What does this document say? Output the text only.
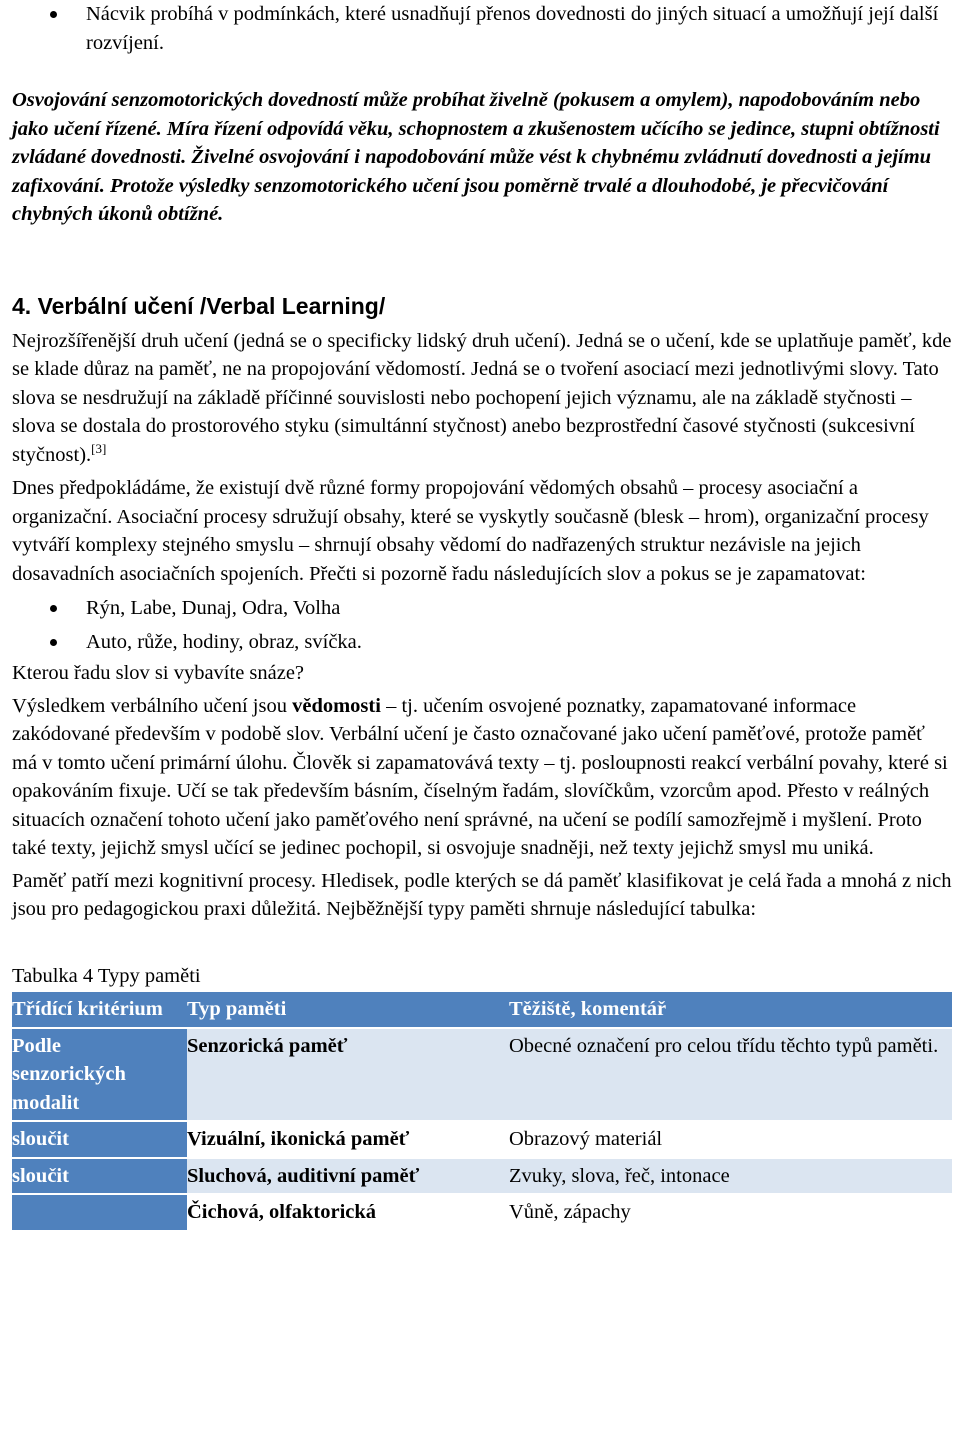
Nácvik probíhá v podmínkách, které usnadňují přenos dovednosti do jiných situací a umožňují její další rozvíjení.

Osvojování senzomotorických dovedností může probíhat živelně (pokusem a omylem), napodobováním nebo jako učení řízené. Míra řízení odpovídá věku, schopnostem a zkušenostem učícího se jedince, stupni obtížnosti zvládané dovednosti. Živelné osvojování i napodobování může vést k chybnému zvládnutí dovednosti a jejímu zafixování. Protože výsledky senzomotorického učení jsou poměrně trvalé a dlouhodobé, je přecvičování chybných úkonů obtížné.

4. Verbální učení /Verbal Learning/

Nejrozšířenější druh učení (jedná se o specificky lidský druh učení). Jedná se o učení, kde se uplatňuje paměť, kde se klade důraz na paměť, ne na propojování vědomostí. Jedná se o tvoření asociací mezi jednotlivými slovy. Tato slova se nesdružují na základě příčinné souvislosti nebo pochopení jejich významu, ale na základě styčnosti – slova se dostala do prostorového styku (simultánní styčnost) anebo bezprostřední časové styčnosti (sukcesivní styčnost).[3]

Dnes předpokládáme, že existují dvě různé formy propojování vědomých obsahů – procesy asociační a organizační. Asociační procesy sdružují obsahy, které se vyskytly současně (blesk – hrom), organizační procesy vytváří komplexy stejného smyslu – shrnují obsahy vědomí do nadřazených struktur nezávisle na jejich dosavadních asociačních spojeních. Přečti si pozorně řadu následujících slov a pokus se je zapamatovat:

Rýn, Labe, Dunaj, Odra, Volha
Auto, růže, hodiny, obraz, svíčka.

Kterou řadu slov si vybavíte snáze?

Výsledkem verbálního učení jsou vědomosti – tj. učením osvojené poznatky, zapamatované informace zakódované především v podobě slov. Verbální učení je často označované jako učení paměťové, protože paměť má v tomto učení primární úlohu. Člověk si zapamatovává texty – tj. posloupnosti reakcí verbální povahy, které si opakováním fixuje. Učí se tak především básním, číselným řadám, slovíčkům, vzorcům apod. Přesto v reálných situacích označení tohoto učení jako paměťového není správné, na učení se podílí samozřejmě i myšlení. Proto také texty, jejichž smysl učící se jedinec pochopil, si osvojuje snadněji, než texty jejichž smysl mu uniká.

Paměť patří mezi kognitivní procesy. Hledisek, podle kterých se dá paměť klasifikovat je celá řada a mnohá z nich jsou pro pedagogickou praxi důležitá. Nejběžnější typy paměti shrnuje následující tabulka:

Tabulka 4 Typy paměti

Třídící kritérium	Typ paměti	Těžiště, komentář

Podle senzorických modalit	Senzorická paměť	Obecné označení pro celou třídu těchto typů paměti.

sloučit	Vizuální, ikonická paměť	Obrazový materiál

sloučit	Sluchová, auditivní paměť	Zvuky, slova, řeč, intonace

	Čichová, olfaktorická	Vůně, zápachy
